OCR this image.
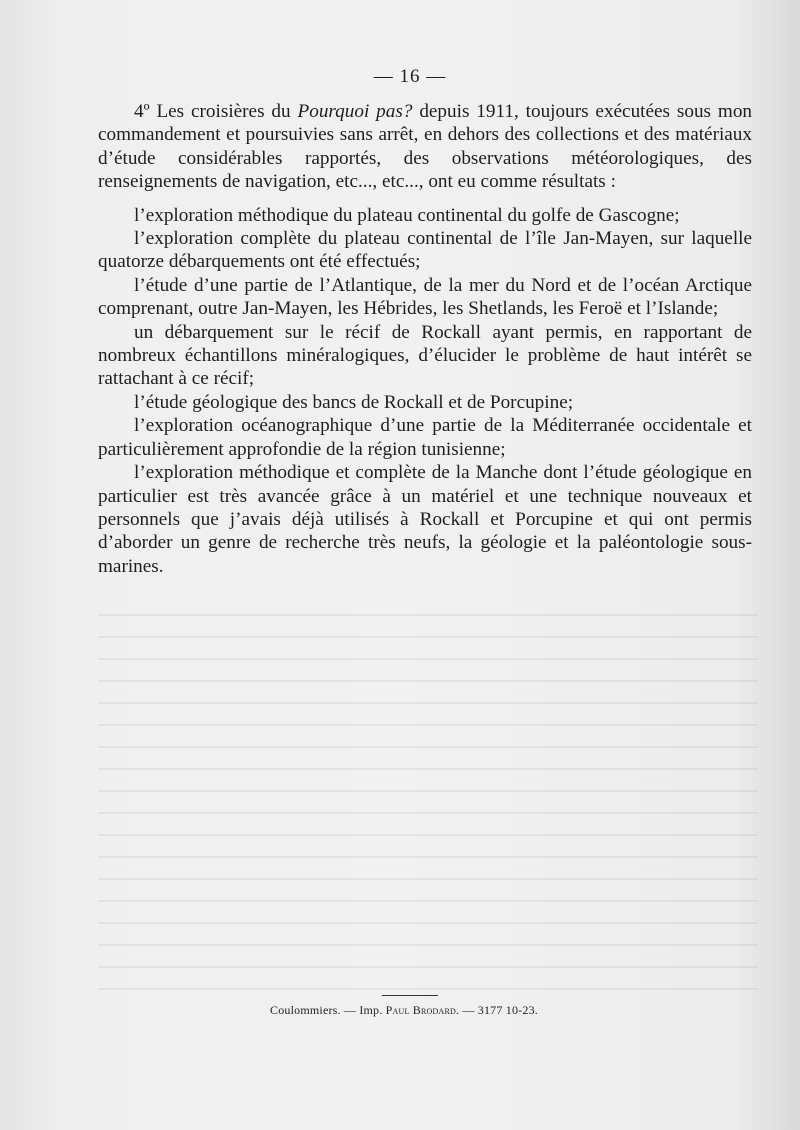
— 16 —

4º Les croisières du Pourquoi pas? depuis 1911, toujours exécutées sous mon commandement et poursuivies sans arrêt, en dehors des collections et des matériaux d’étude considérables rapportés, des observations météorologiques, des renseignements de navigation, etc..., etc..., ont eu comme résultats :

l’exploration méthodique du plateau continental du golfe de Gascogne;

l’exploration complète du plateau continental de l’île Jan-Mayen, sur laquelle quatorze débarquements ont été effectués;

l’étude d’une partie de l’Atlantique, de la mer du Nord et de l’océan Arctique comprenant, outre Jan-Mayen, les Hébrides, les Shetlands, les Feroë et l’Islande;

un débarquement sur le récif de Rockall ayant permis, en rapportant de nombreux échantillons minéralogiques, d’élucider le problème de haut intérêt se rattachant à ce récif;

l’étude géologique des bancs de Rockall et de Porcupine;

l’exploration océanographique d’une partie de la Méditerranée occidentale et particulièrement approfondie de la région tunisienne;

l’exploration méthodique et complète de la Manche dont l’étude géologique en particulier est très avancée grâce à un matériel et une technique nouveaux et personnels que j’avais déjà utilisés à Rockall et Porcupine et qui ont permis d’aborder un genre de recherche très neufs, la géologie et la paléontologie sous-marines.

Coulommiers. — Imp. Paul Brodard. — 3177 10-23.
